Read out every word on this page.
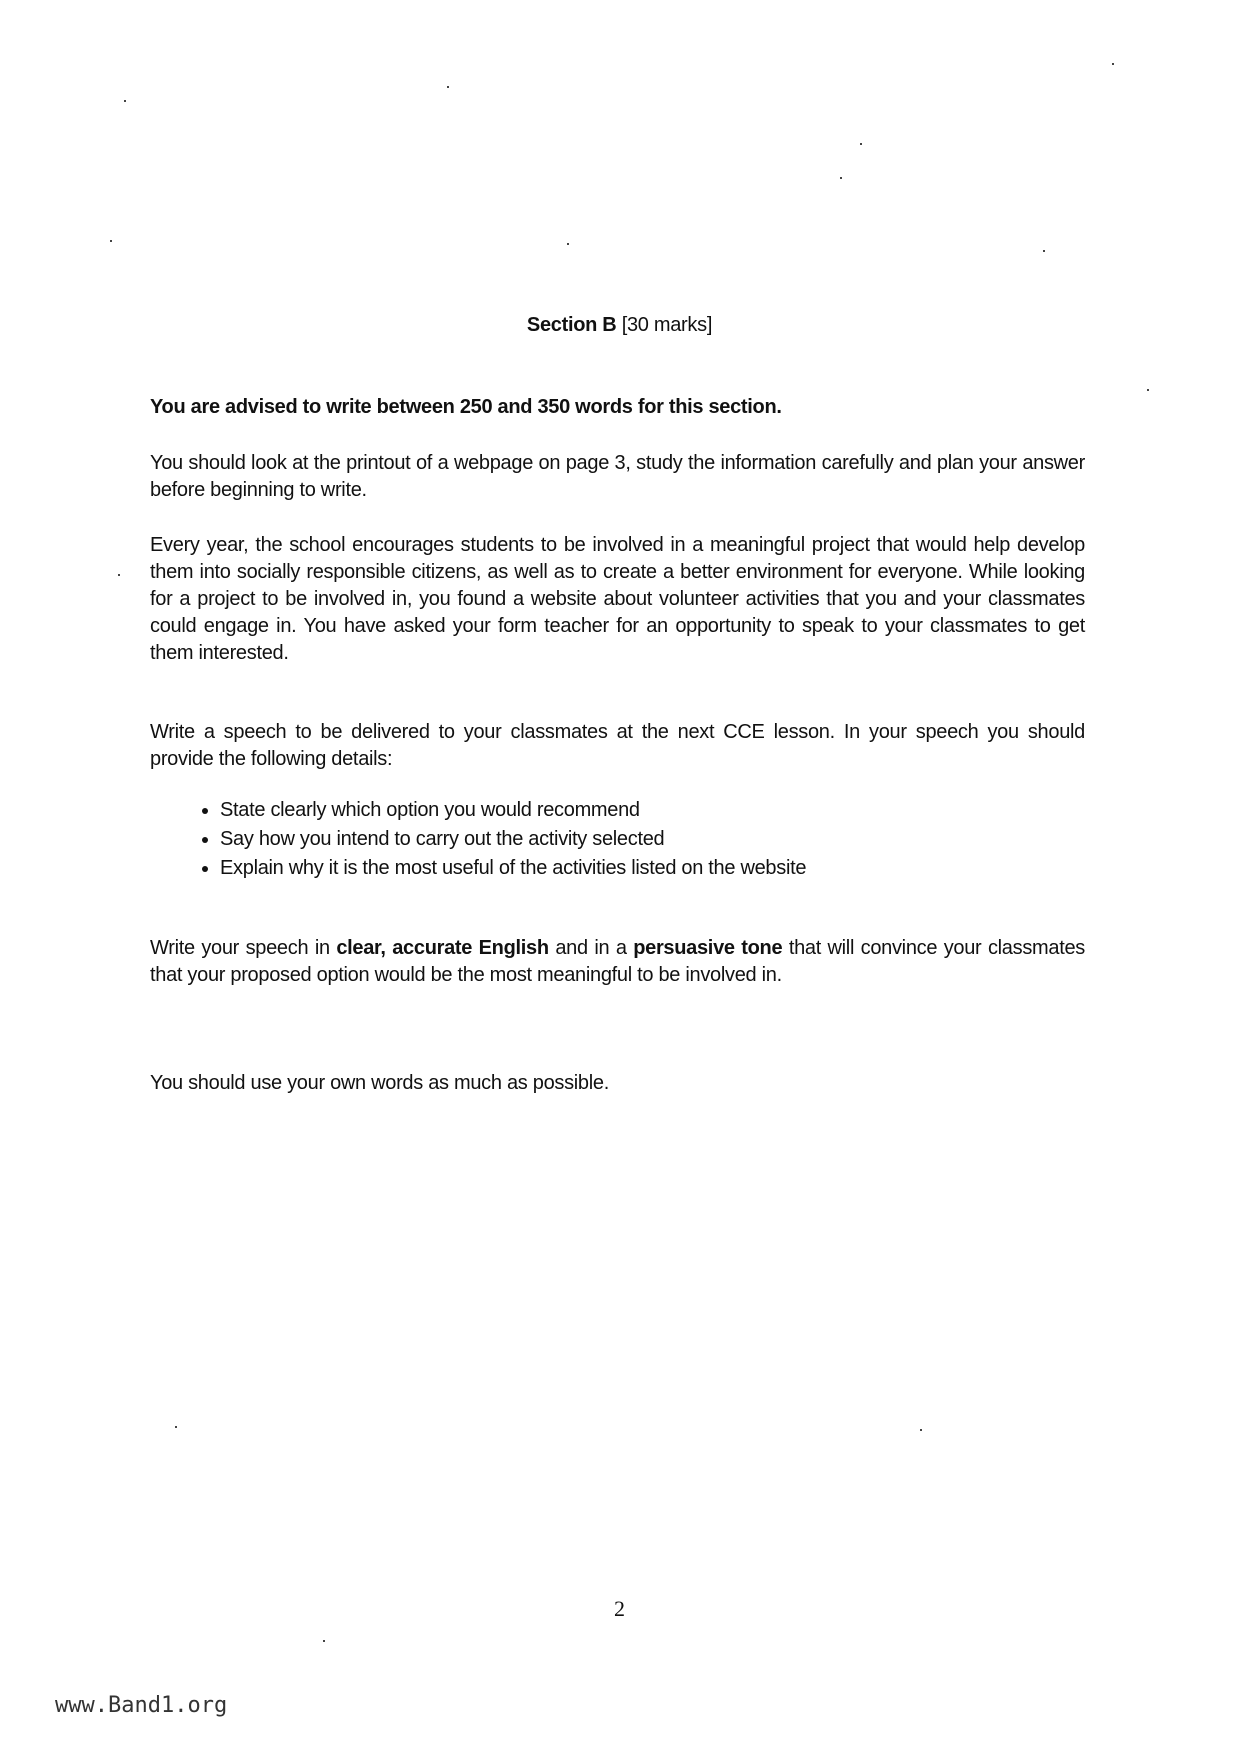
Section B [30 marks]
You are advised to write between 250 and 350 words for this section.
You should look at the printout of a webpage on page 3, study the information carefully and plan your answer before beginning to write.
Every year, the school encourages students to be involved in a meaningful project that would help develop them into socially responsible citizens, as well as to create a better environment for everyone. While looking for a project to be involved in, you found a website about volunteer activities that you and your classmates could engage in. You have asked your form teacher for an opportunity to speak to your classmates to get them interested.
Write a speech to be delivered to your classmates at the next CCE lesson. In your speech you should provide the following details:
• State clearly which option you would recommend
• Say how you intend to carry out the activity selected
• Explain why it is the most useful of the activities listed on the website
Write your speech in clear, accurate English and in a persuasive tone that will convince your classmates that your proposed option would be the most meaningful to be involved in.
You should use your own words as much as possible.
2
www.Band1.org
